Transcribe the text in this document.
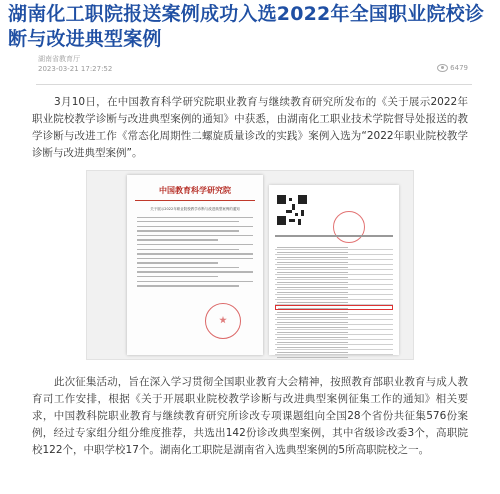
湖南化工职院报送案例成功入选2022年全国职业院校诊断与改进典型案例
湖南省教育厅
2023-03-21 17:27:52	6479

3月10日，在中国教育科学研究院职业教育与继续教育研究所发布的《关于展示2022年职业院校教学诊断与改进典型案例的通知》中获悉，由湖南化工职业技术学院督导处报送的教学诊断与改进工作《常态化周期性二螺旋质量诊改的实践》案例入选为“2022年职业院校教学诊断与改进典型案例”。

中国教育科学研究院
关于展示2022年职业院校教学诊断与改进典型案例的通知

此次征集活动，旨在深入学习贯彻全国职业教育大会精神，按照教育部职业教育与成人教育司工作安排，根据《关于开展职业院校教学诊断与改进典型案例征集工作的通知》相关要求，中国教科院职业教育与继续教育研究所诊改专项课题组向全国28个省份共征集576份案例，经过专家组分组分维度推荐，共选出142份诊改典型案例，其中省级诊改委3个，高职院校122个，中职学校17个。湖南化工职院是湖南省入选典型案例的5所高职院校之一。
